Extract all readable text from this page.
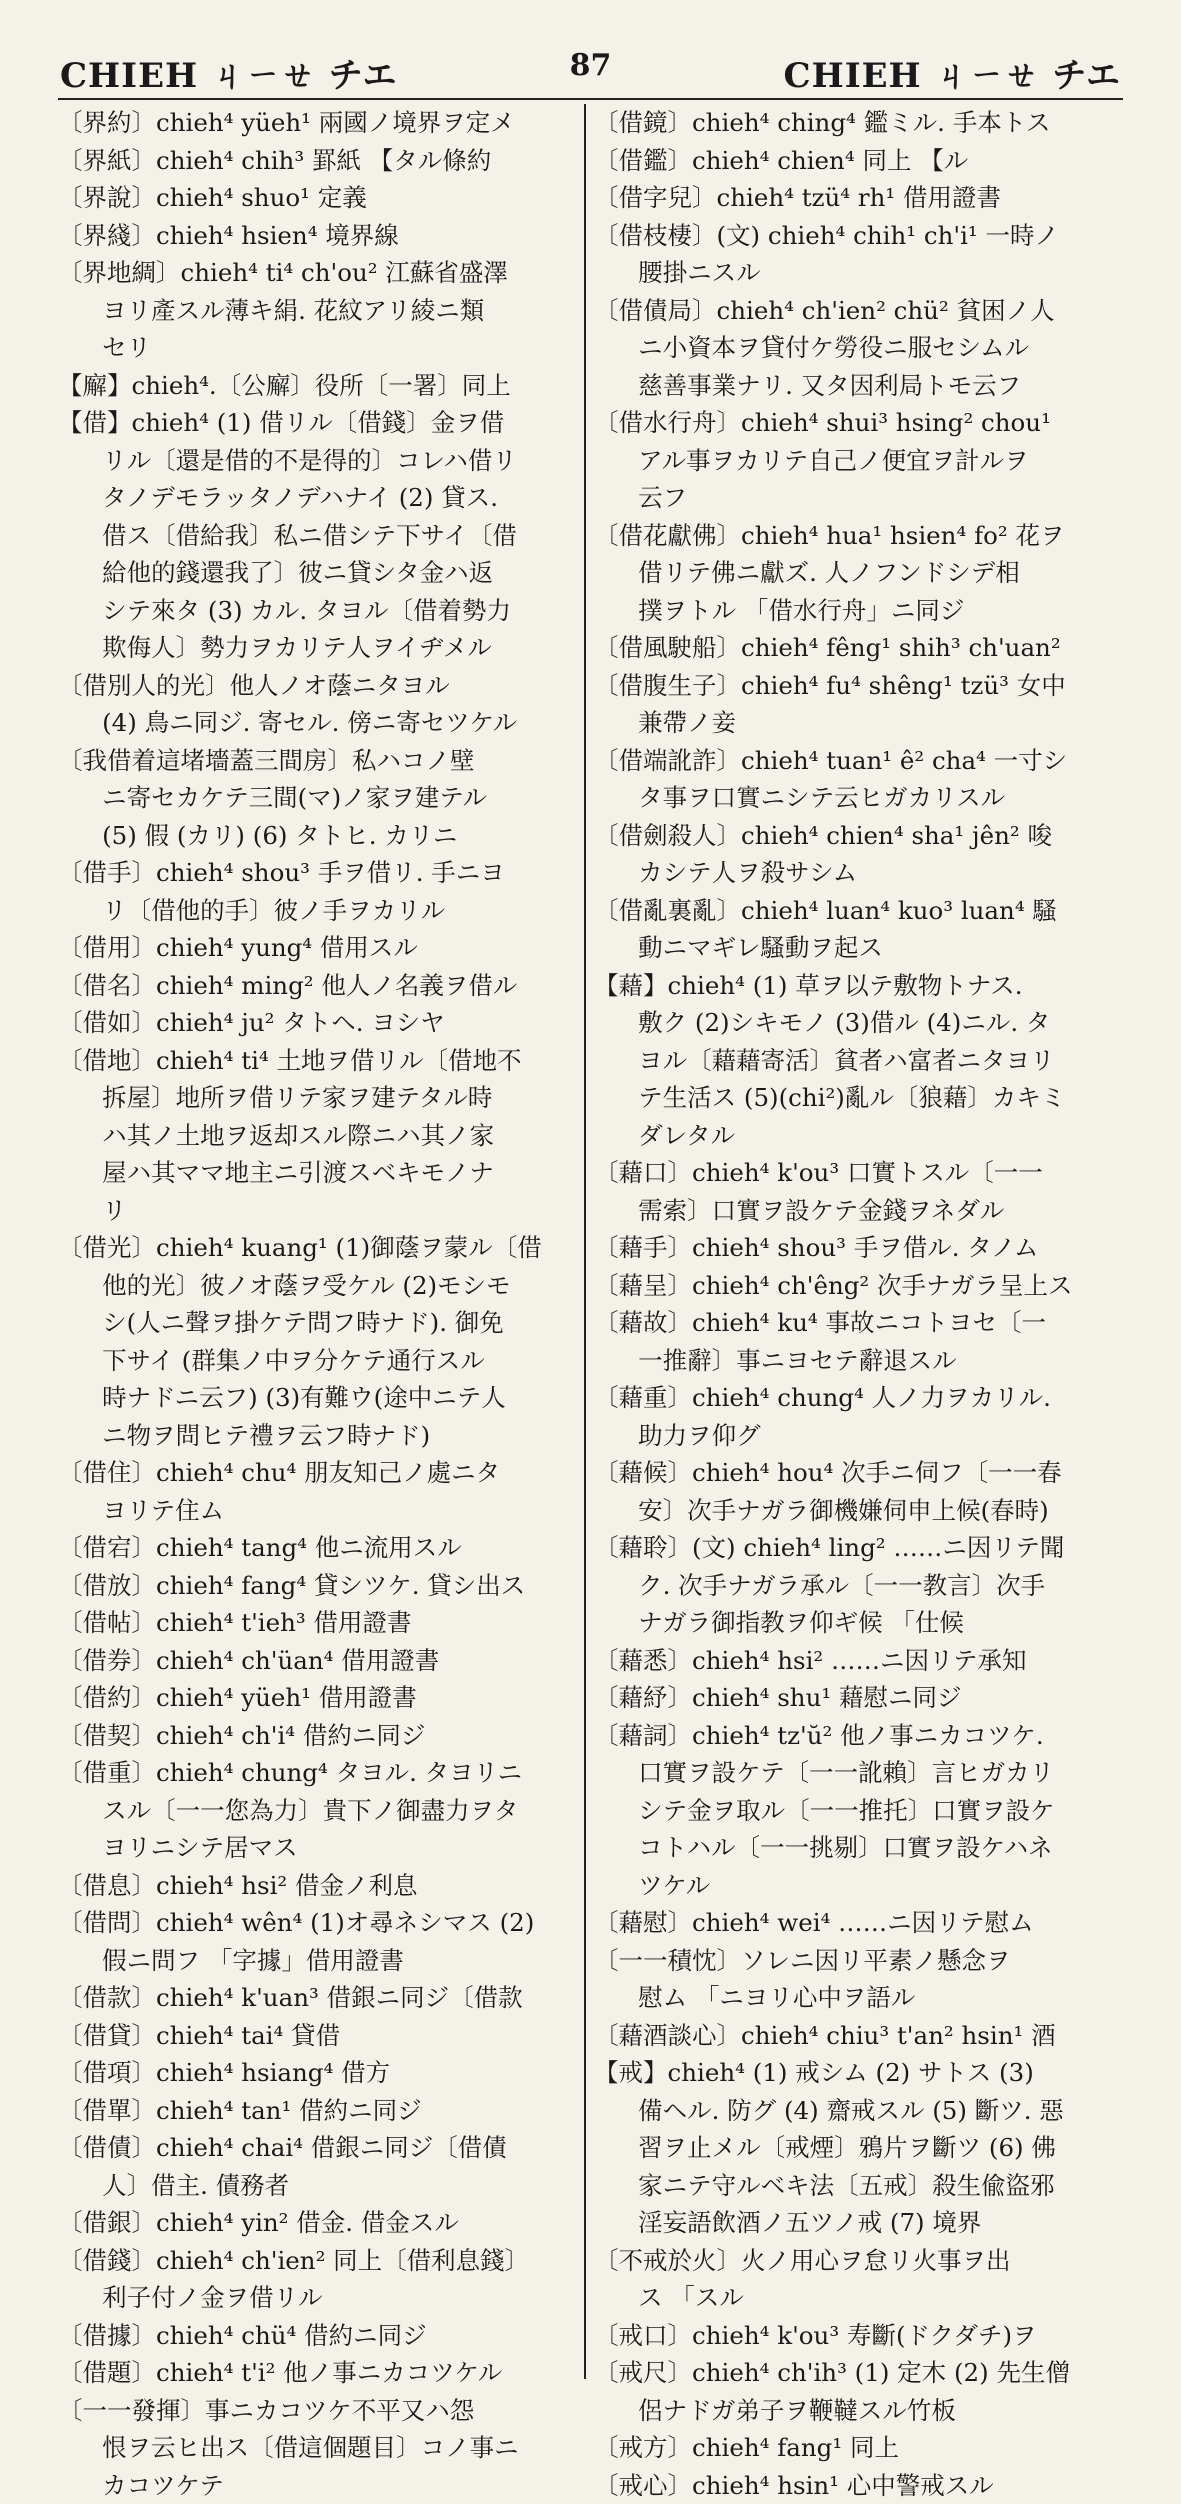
CHIEH ㄐㄧㄝ チエ	87	CHIEH ㄐㄧㄝ チエ
〔界約〕chieh⁴ yüeh¹ 兩國ノ境界ヲ定メ
〔界紙〕chieh⁴ chih³ 罫紙 【タル條約
〔界說〕chieh⁴ shuo¹ 定義
〔界綫〕chieh⁴ hsien⁴ 境界線
〔界地綢〕chieh⁴ ti⁴ ch'ou² 江蘇省盛澤
ヨリ產スル薄キ絹. 花紋アリ綾ニ類
セリ
【廨】chieh⁴.〔公廨〕役所〔一署〕同上
【借】chieh⁴ (1) 借リル〔借錢〕金ヲ借
リル〔還是借的不是得的〕コレハ借リ
タノデモラッタノデハナイ (2) 貸ス.
借ス〔借給我〕私ニ借シテ下サイ〔借
給他的錢還我了〕彼ニ貸シタ金ハ返
シテ來タ (3) カル. タヨル〔借着勢力
欺侮人〕勢力ヲカリテ人ヲイヂメル
〔借別人的光〕他人ノオ蔭ニタヨル
(4) 鳥ニ同ジ. 寄セル. 傍ニ寄セツケル
〔我借着這堵墻蓋三間房〕私ハコノ壁
ニ寄セカケテ三間(マ)ノ家ヲ建テル
(5) 假 (カリ) (6) タトヒ. カリニ
〔借手〕chieh⁴ shou³ 手ヲ借リ. 手ニヨ
リ〔借他的手〕彼ノ手ヲカリル
〔借用〕chieh⁴ yung⁴ 借用スル
〔借名〕chieh⁴ ming² 他人ノ名義ヲ借ル
〔借如〕chieh⁴ ju² タトヘ. ヨシヤ
〔借地〕chieh⁴ ti⁴ 土地ヲ借リル〔借地不
拆屋〕地所ヲ借リテ家ヲ建テタル時
ハ其ノ土地ヲ返却スル際ニハ其ノ家
屋ハ其ママ地主ニ引渡スベキモノナ
リ
〔借光〕chieh⁴ kuang¹ (1)御蔭ヲ蒙ル〔借
他的光〕彼ノオ蔭ヲ受ケル (2)モシモ
シ(人ニ聲ヲ掛ケテ問フ時ナド). 御免
下サイ (群集ノ中ヲ分ケテ通行スル
時ナドニ云フ) (3)有難ウ(途中ニテ人
ニ物ヲ問ヒテ禮ヲ云フ時ナド)
〔借住〕chieh⁴ chu⁴ 朋友知己ノ處ニタ
ヨリテ住ム
〔借宕〕chieh⁴ tang⁴ 他ニ流用スル
〔借放〕chieh⁴ fang⁴ 貸シツケ. 貸シ出ス
〔借帖〕chieh⁴ t'ieh³ 借用證書
〔借券〕chieh⁴ ch'üan⁴ 借用證書
〔借約〕chieh⁴ yüeh¹ 借用證書
〔借契〕chieh⁴ ch'i⁴ 借約ニ同ジ
〔借重〕chieh⁴ chung⁴ タヨル. タヨリニ
スル〔一一您為力〕貴下ノ御盡力ヲタ
ヨリニシテ居マス
〔借息〕chieh⁴ hsi² 借金ノ利息
〔借問〕chieh⁴ wên⁴ (1)オ尋ネシマス (2)
假ニ問フ 「字據」借用證書
〔借款〕chieh⁴ k'uan³ 借銀ニ同ジ〔借款
〔借貸〕chieh⁴ tai⁴ 貸借
〔借項〕chieh⁴ hsiang⁴ 借方
〔借單〕chieh⁴ tan¹ 借約ニ同ジ
〔借債〕chieh⁴ chai⁴ 借銀ニ同ジ〔借債
人〕借主. 債務者
〔借銀〕chieh⁴ yin² 借金. 借金スル
〔借錢〕chieh⁴ ch'ien² 同上〔借利息錢〕
利子付ノ金ヲ借リル
〔借據〕chieh⁴ chü⁴ 借約ニ同ジ
〔借題〕chieh⁴ t'i² 他ノ事ニカコツケル
〔一一發揮〕事ニカコツケ不平又ハ怨
恨ヲ云ヒ出ス〔借這個題目〕コノ事ニ
カコツケテ
〔借鏡〕chieh⁴ ching⁴ 鑑ミル. 手本トス
〔借鑑〕chieh⁴ chien⁴ 同上 【ル
〔借字兒〕chieh⁴ tzü⁴ rh¹ 借用證書
〔借枝棲〕(文) chieh⁴ chih¹ ch'i¹ 一時ノ
腰掛ニスル
〔借債局〕chieh⁴ ch'ien² chü² 貧困ノ人
ニ小資本ヲ貸付ケ勞役ニ服セシムル
慈善事業ナリ. 又タ因利局トモ云フ
〔借水行舟〕chieh⁴ shui³ hsing² chou¹
アル事ヲカリテ自己ノ便宜ヲ計ルヲ
云フ
〔借花獻佛〕chieh⁴ hua¹ hsien⁴ fo² 花ヲ
借リテ佛ニ獻ズ. 人ノフンドシデ相
撲ヲトル 「借水行舟」ニ同ジ
〔借風駛船〕chieh⁴ fêng¹ shih³ ch'uan²
〔借腹生子〕chieh⁴ fu⁴ shêng¹ tzü³ 女中
兼帶ノ妾
〔借端訛詐〕chieh⁴ tuan¹ ê² cha⁴ 一寸シ
タ事ヲ口實ニシテ云ヒガカリスル
〔借劍殺人〕chieh⁴ chien⁴ sha¹ jên² 唆
カシテ人ヲ殺サシム
〔借亂裏亂〕chieh⁴ luan⁴ kuo³ luan⁴ 騷
動ニマギレ騷動ヲ起ス
【藉】chieh⁴ (1) 草ヲ以テ敷物トナス.
敷ク (2)シキモノ (3)借ル (4)ニル. タ
ヨル〔藉藉寄活〕貧者ハ富者ニタヨリ
テ生活ス (5)(chi²)亂ル〔狼藉〕カキミ
ダレタル
〔藉口〕chieh⁴ k'ou³ 口實トスル〔一一
需索〕口實ヲ設ケテ金錢ヲネダル
〔藉手〕chieh⁴ shou³ 手ヲ借ル. タノム
〔藉呈〕chieh⁴ ch'êng² 次手ナガラ呈上ス
〔藉故〕chieh⁴ ku⁴ 事故ニコトヨセ〔一
一推辭〕事ニヨセテ辭退スル
〔藉重〕chieh⁴ chung⁴ 人ノ力ヲカリル.
助力ヲ仰グ
〔藉候〕chieh⁴ hou⁴ 次手ニ伺フ〔一一春
安〕次手ナガラ御機嫌伺申上候(春時)
〔藉聆〕(文) chieh⁴ ling² ……ニ因リテ聞
ク. 次手ナガラ承ル〔一一教言〕次手
ナガラ御指教ヲ仰ギ候 「仕候
〔藉悉〕chieh⁴ hsi² ……ニ因リテ承知
〔藉紓〕chieh⁴ shu¹ 藉慰ニ同ジ
〔藉詞〕chieh⁴ tz'ŭ² 他ノ事ニカコツケ.
口實ヲ設ケテ〔一一訛賴〕言ヒガカリ
シテ金ヲ取ル〔一一推托〕口實ヲ設ケ
コトハル〔一一挑剔〕口實ヲ設ケハネ
ツケル
〔藉慰〕chieh⁴ wei⁴ ……ニ因リテ慰ム
〔一一積忱〕ソレニ因リ平素ノ懸念ヲ
慰ム 「ニヨリ心中ヲ語ル
〔藉酒談心〕chieh⁴ chiu³ t'an² hsin¹ 酒
【戒】chieh⁴ (1) 戒シム (2) サトス (3)
備ヘル. 防グ (4) 齋戒スル (5) 斷ツ. 惡
習ヲ止メル〔戒煙〕鴉片ヲ斷ツ (6) 佛
家ニテ守ルベキ法〔五戒〕殺生偸盜邪
淫妄語飲酒ノ五ツノ戒 (7) 境界
〔不戒於火〕火ノ用心ヲ怠リ火事ヲ出
ス 「スル
〔戒口〕chieh⁴ k'ou³ 寿斷(ドクダチ)ヲ
〔戒尺〕chieh⁴ ch'ih³ (1) 定木 (2) 先生僧
侶ナドガ弟子ヲ鞭韃スル竹板
〔戒方〕chieh⁴ fang¹ 同上
〔戒心〕chieh⁴ hsin¹ 心中警戒スル
